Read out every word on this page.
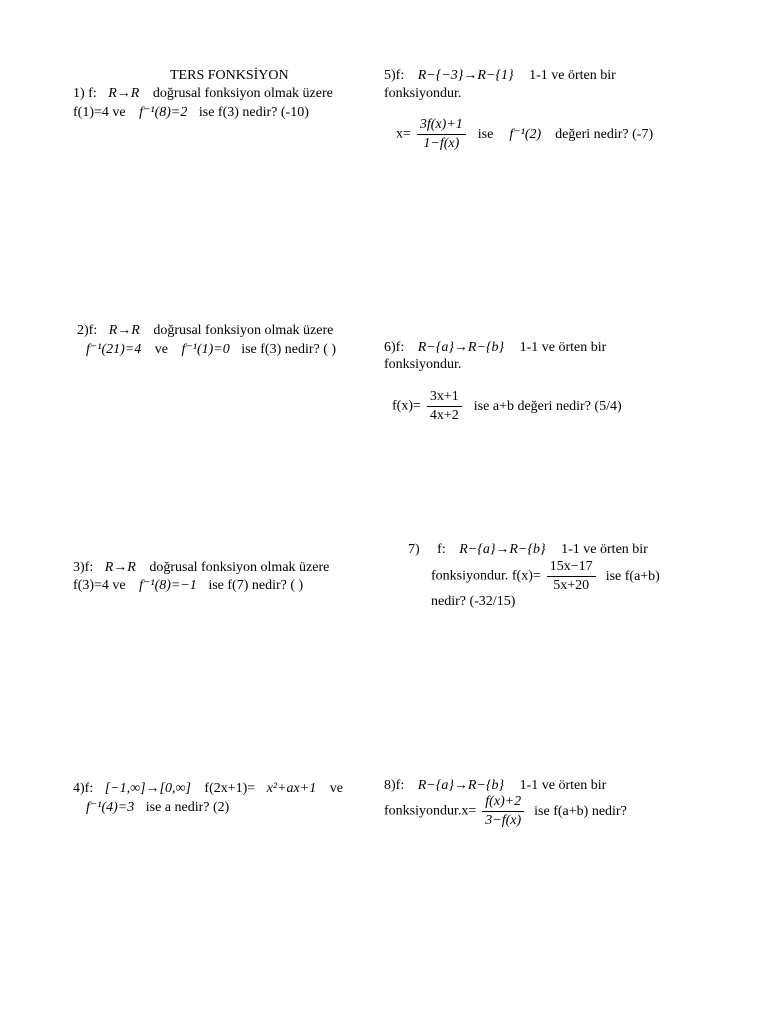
TERS FONKSİYON
1) f: R→R doğrusal fonksiyon olmak üzere
f(1)=4 ve f⁻¹(8)=2 ise f(3) nedir? (-10)
2)f: R→R doğrusal fonksiyon olmak üzere
f⁻¹(21)=4 ve f⁻¹(1)=0 ise f(3) nedir? ( )
3)f: R→R doğrusal fonksiyon olmak üzere
f(3)=4 ve f⁻¹(8)=−1 ise f(7) nedir? ( )
4)f: [−1,∞]→[0,∞] f(2x+1)= x²+ax+1 ve
f⁻¹(4)=3 ise a nedir? (2)
5)f: R−{−3}→R−{1} 1-1 ve örten bir
fonksiyondur.
$x= \frac{3f(x)+1}{1-f(x)}$ ise f⁻¹(2) değeri nedir? (-7)
6)f: R−{a}→R−{b} 1-1 ve örten bir
fonksiyondur.
$f(x)= \frac{3x+1}{4x+2}$ ise a+b değeri nedir? (5/4)
7) f: R−{a}→R−{b} 1-1 ve örten bir
fonksiyondur. $f(x)= \frac{15x-17}{5x+20}$ ise f(a+b)
nedir? (-32/15)
8)f: R−{a}→R−{b} 1-1 ve örten bir
fonksiyondur.x= $\frac{f(x)+2}{3-f(x)}$ ise f(a+b) nedir?
